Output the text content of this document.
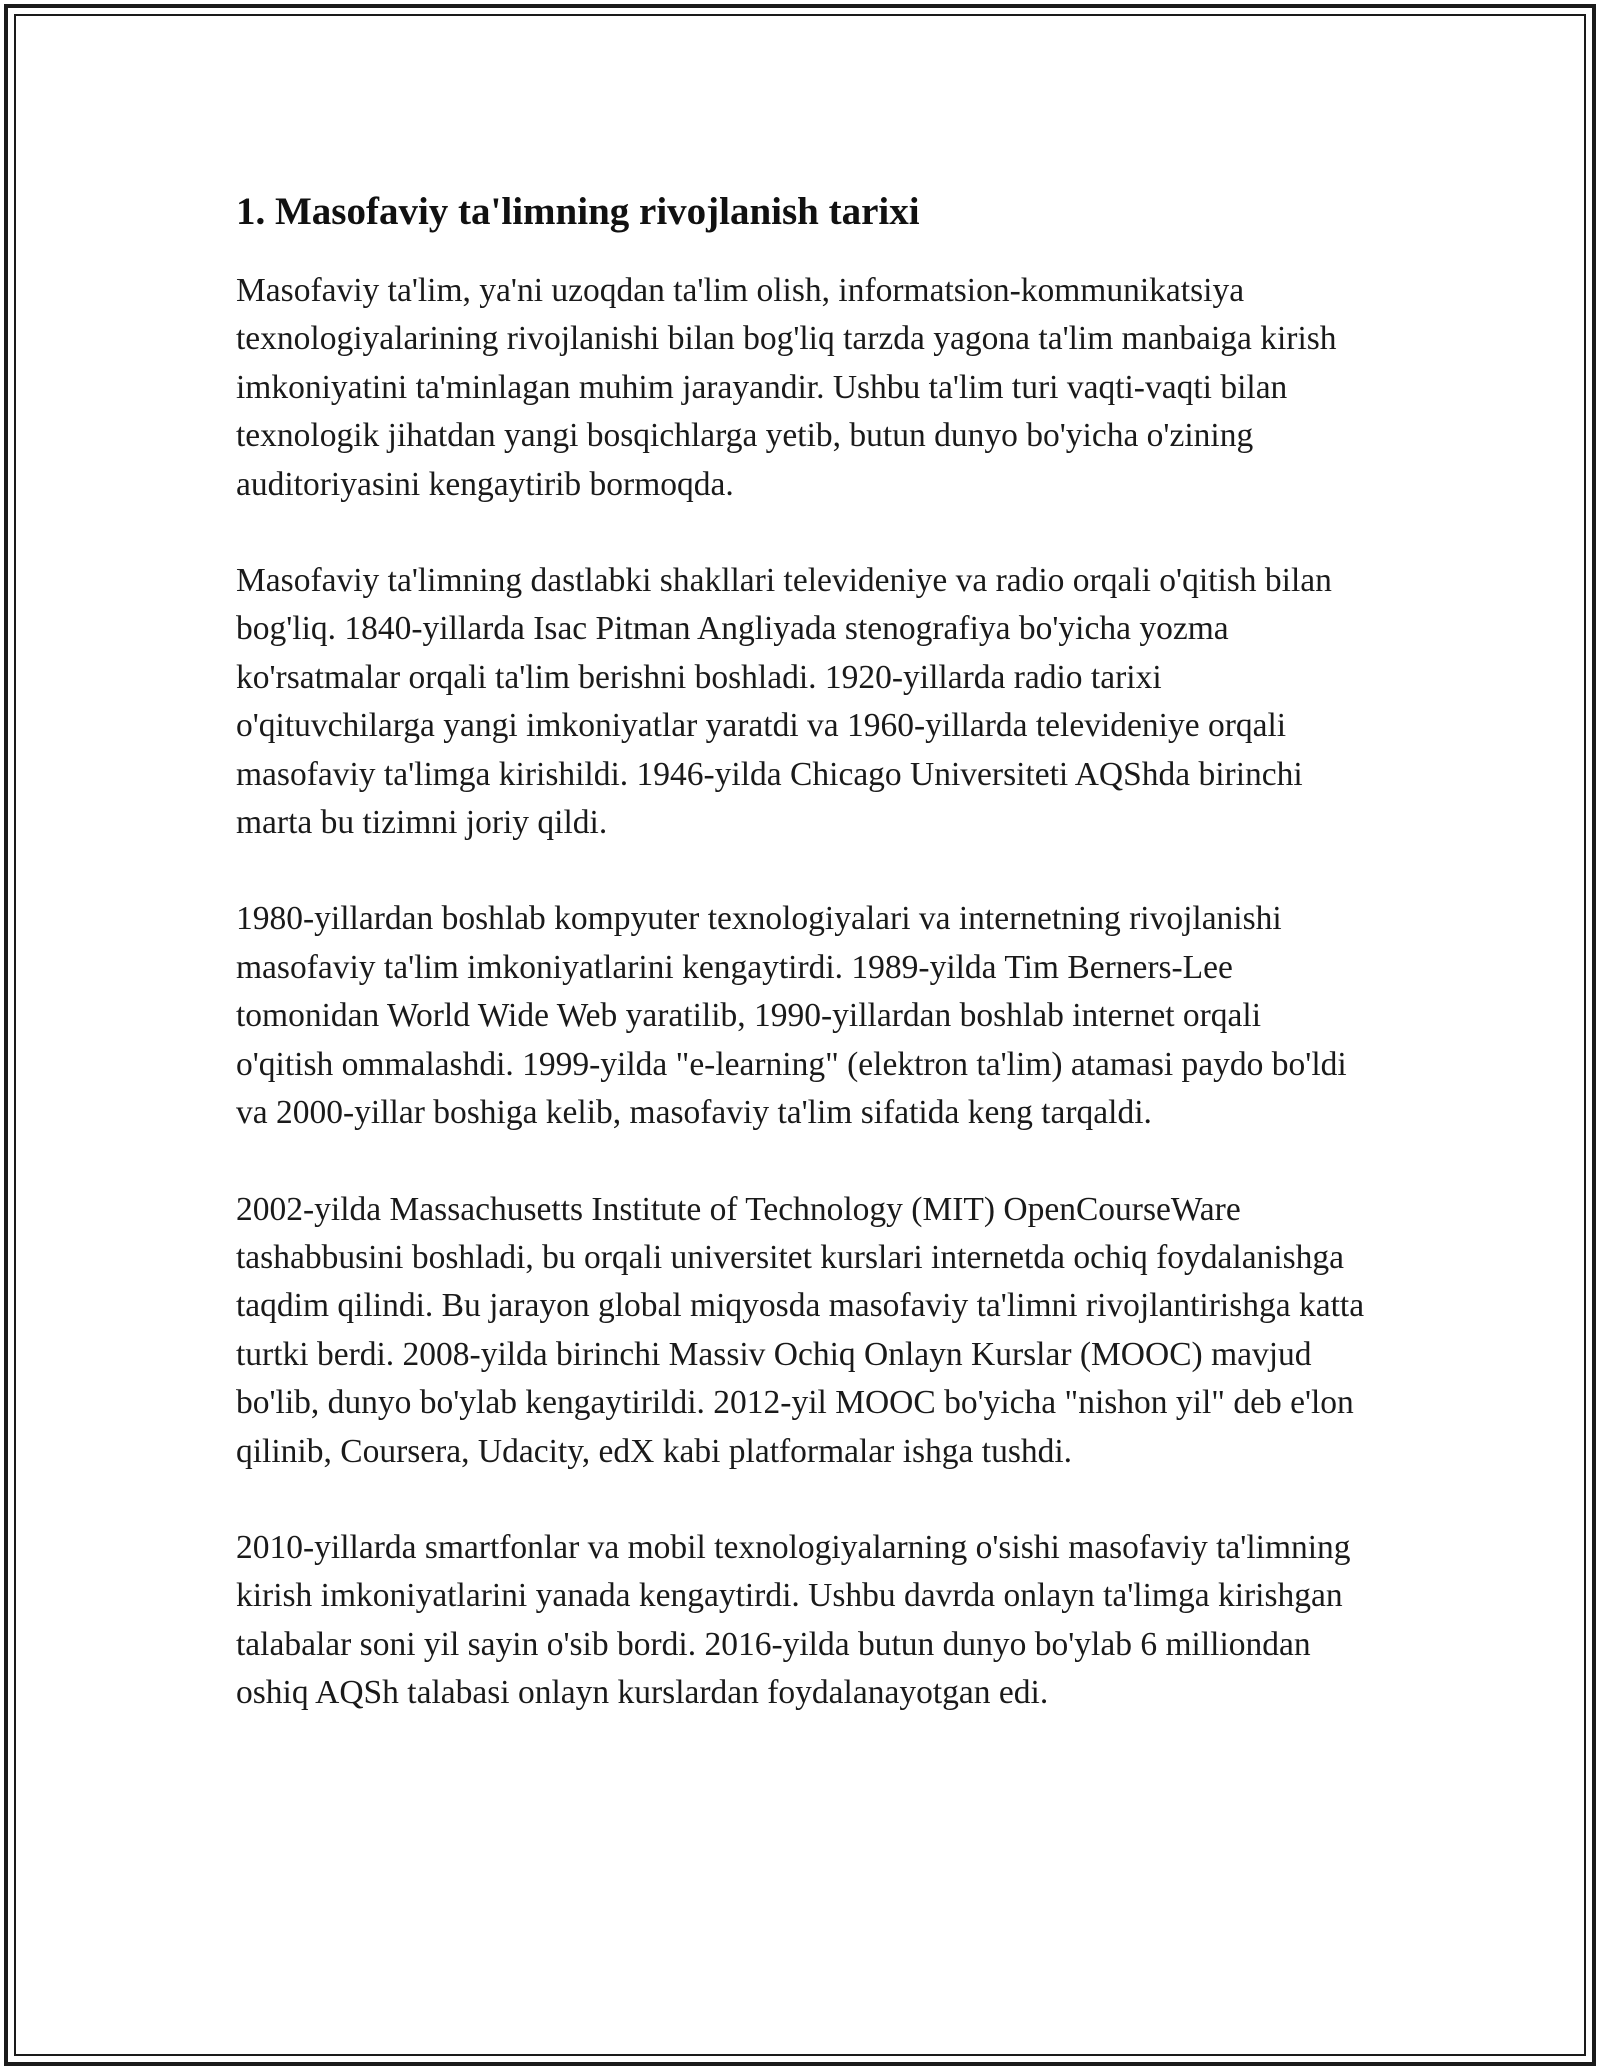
1. Masofaviy ta'limning rivojlanish tarixi

Masofaviy ta'lim, ya'ni uzoqdan ta'lim olish, informatsion-kommunikatsiya texnologiyalarining rivojlanishi bilan bog'liq tarzda yagona ta'lim manbaiga kirish imkoniyatini ta'minlagan muhim jarayandir. Ushbu ta'lim turi vaqti-vaqti bilan texnologik jihatdan yangi bosqichlarga yetib, butun dunyo bo'yicha o'zining auditoriyasini kengaytirib bormoqda.

Masofaviy ta'limning dastlabki shakllari televideniye va radio orqali o'qitish bilan bog'liq. 1840-yillarda Isac Pitman Angliyada stenografiya bo'yicha yozma ko'rsatmalar orqali ta'lim berishni boshladi. 1920-yillarda radio tarixi o'qituvchilarga yangi imkoniyatlar yaratdi va 1960-yillarda televideniye orqali masofaviy ta'limga kirishildi. 1946-yilda Chicago Universiteti AQShda birinchi marta bu tizimni joriy qildi.

1980-yillardan boshlab kompyuter texnologiyalari va internetning rivojlanishi masofaviy ta'lim imkoniyatlarini kengaytirdi. 1989-yilda Tim Berners-Lee tomonidan World Wide Web yaratilib, 1990-yillardan boshlab internet orqali o'qitish ommalashdi. 1999-yilda "e-learning" (elektron ta'lim) atamasi paydo bo'ldi va 2000-yillar boshiga kelib, masofaviy ta'lim sifatida keng tarqaldi.

2002-yilda Massachusetts Institute of Technology (MIT) OpenCourseWare tashabbusini boshladi, bu orqali universitet kurslari internetda ochiq foydalanishga taqdim qilindi. Bu jarayon global miqyosda masofaviy ta'limni rivojlantirishga katta turtki berdi. 2008-yilda birinchi Massiv Ochiq Onlayn Kurslar (MOOC) mavjud bo'lib, dunyo bo'ylab kengaytirildi. 2012-yil MOOC bo'yicha "nishon yil" deb e'lon qilinib, Coursera, Udacity, edX kabi platformalar ishga tushdi.

2010-yillarda smartfonlar va mobil texnologiyalarning o'sishi masofaviy ta'limning kirish imkoniyatlarini yanada kengaytirdi. Ushbu davrda onlayn ta'limga kirishgan talabalar soni yil sayin o'sib bordi. 2016-yilda butun dunyo bo'ylab 6 milliondan oshiq AQSh talabasi onlayn kurslardan foydalanayotgan edi.
